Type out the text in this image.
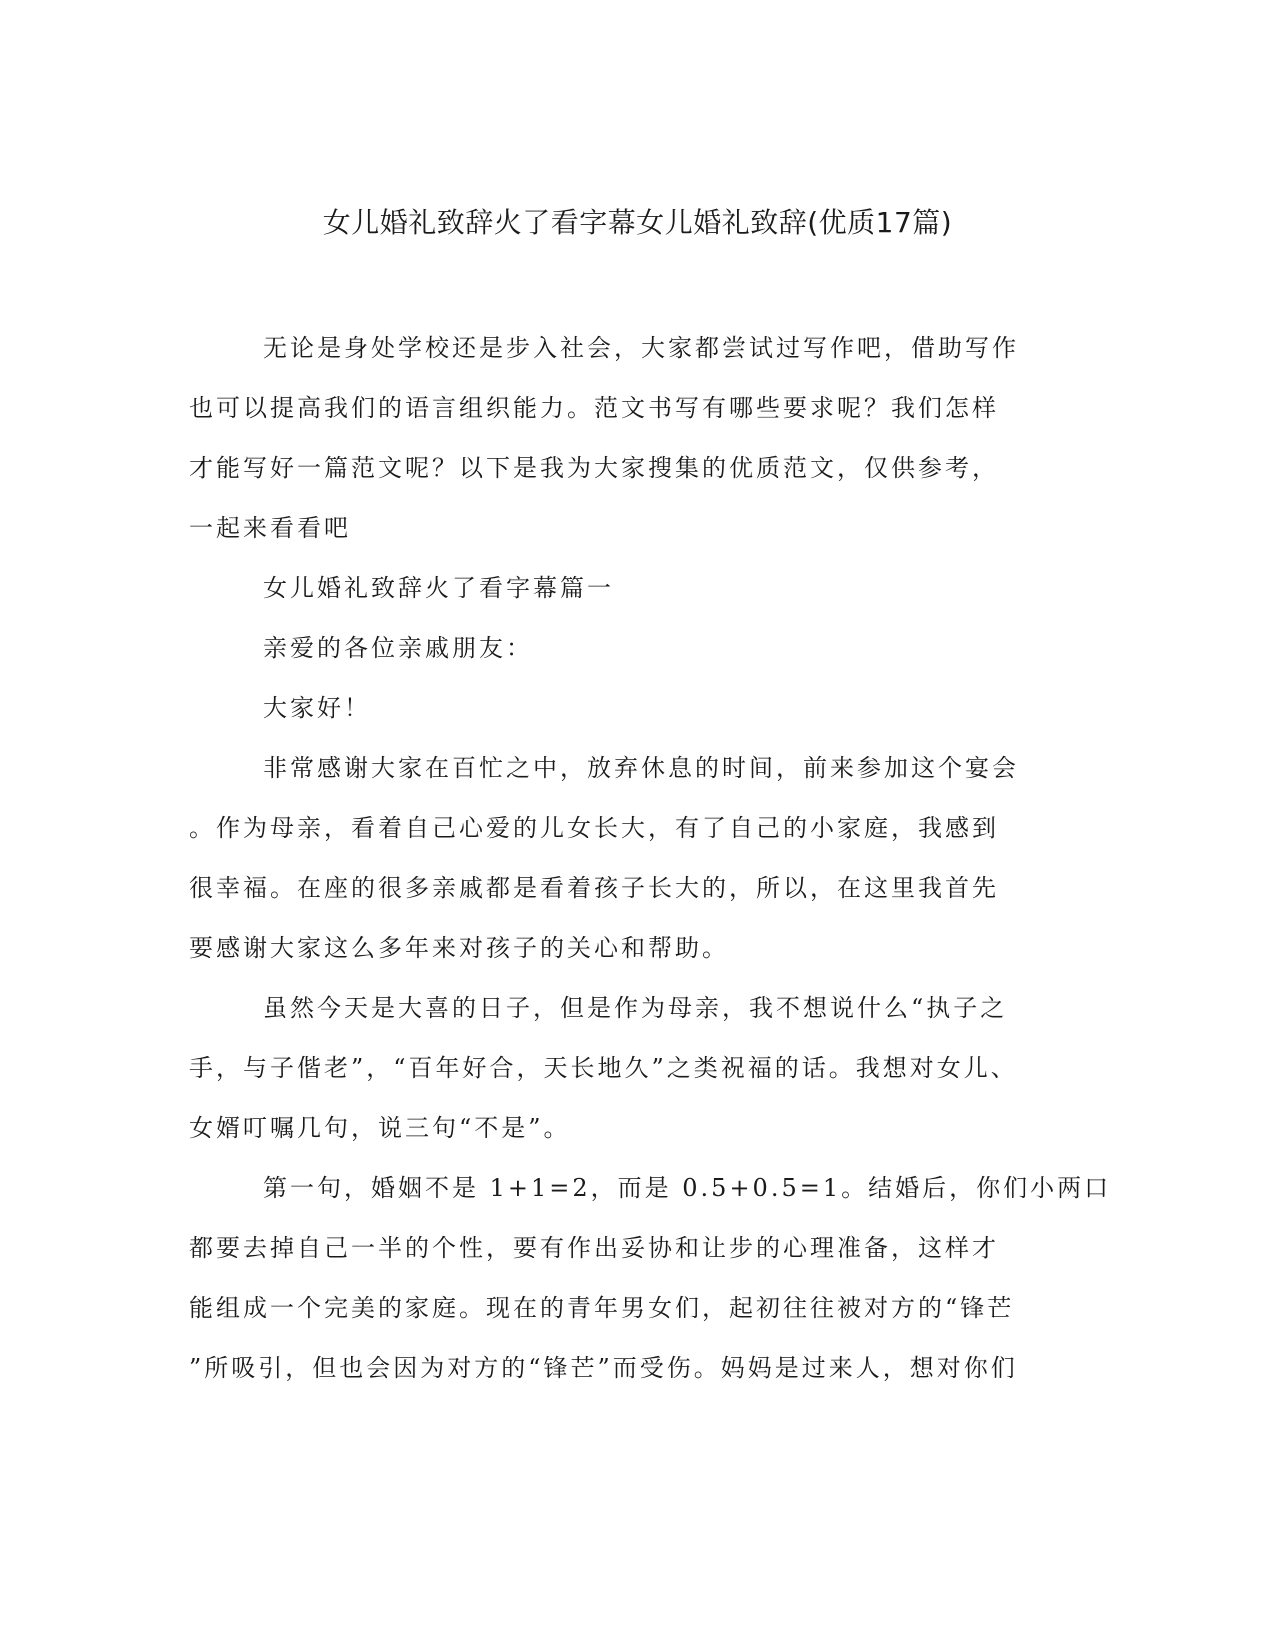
女儿婚礼致辞火了看字幕女儿婚礼致辞(优质17篇)
无论是身处学校还是步入社会，大家都尝试过写作吧，借助写作
也可以提高我们的语言组织能力。范文书写有哪些要求呢？我们怎样
才能写好一篇范文呢？以下是我为大家搜集的优质范文，仅供参考，
一起来看看吧
女儿婚礼致辞火了看字幕篇一
亲爱的各位亲戚朋友：
大家好！
非常感谢大家在百忙之中，放弃休息的时间，前来参加这个宴会
。作为母亲，看着自己心爱的儿女长大，有了自己的小家庭，我感到
很幸福。在座的很多亲戚都是看着孩子长大的，所以，在这里我首先
要感谢大家这么多年来对孩子的关心和帮助。
虽然今天是大喜的日子，但是作为母亲，我不想说什么“执子之
手，与子偕老”，“百年好合，天长地久”之类祝福的话。我想对女儿、
女婿叮嘱几句，说三句“不是”。
第一句，婚姻不是 1+1=2，而是 0.5+0.5=1。结婚后，你们小两口
都要去掉自己一半的个性，要有作出妥协和让步的心理准备，这样才
能组成一个完美的家庭。现在的青年男女们，起初往往被对方的“锋芒
”所吸引，但也会因为对方的“锋芒”而受伤。妈妈是过来人，想对你们
